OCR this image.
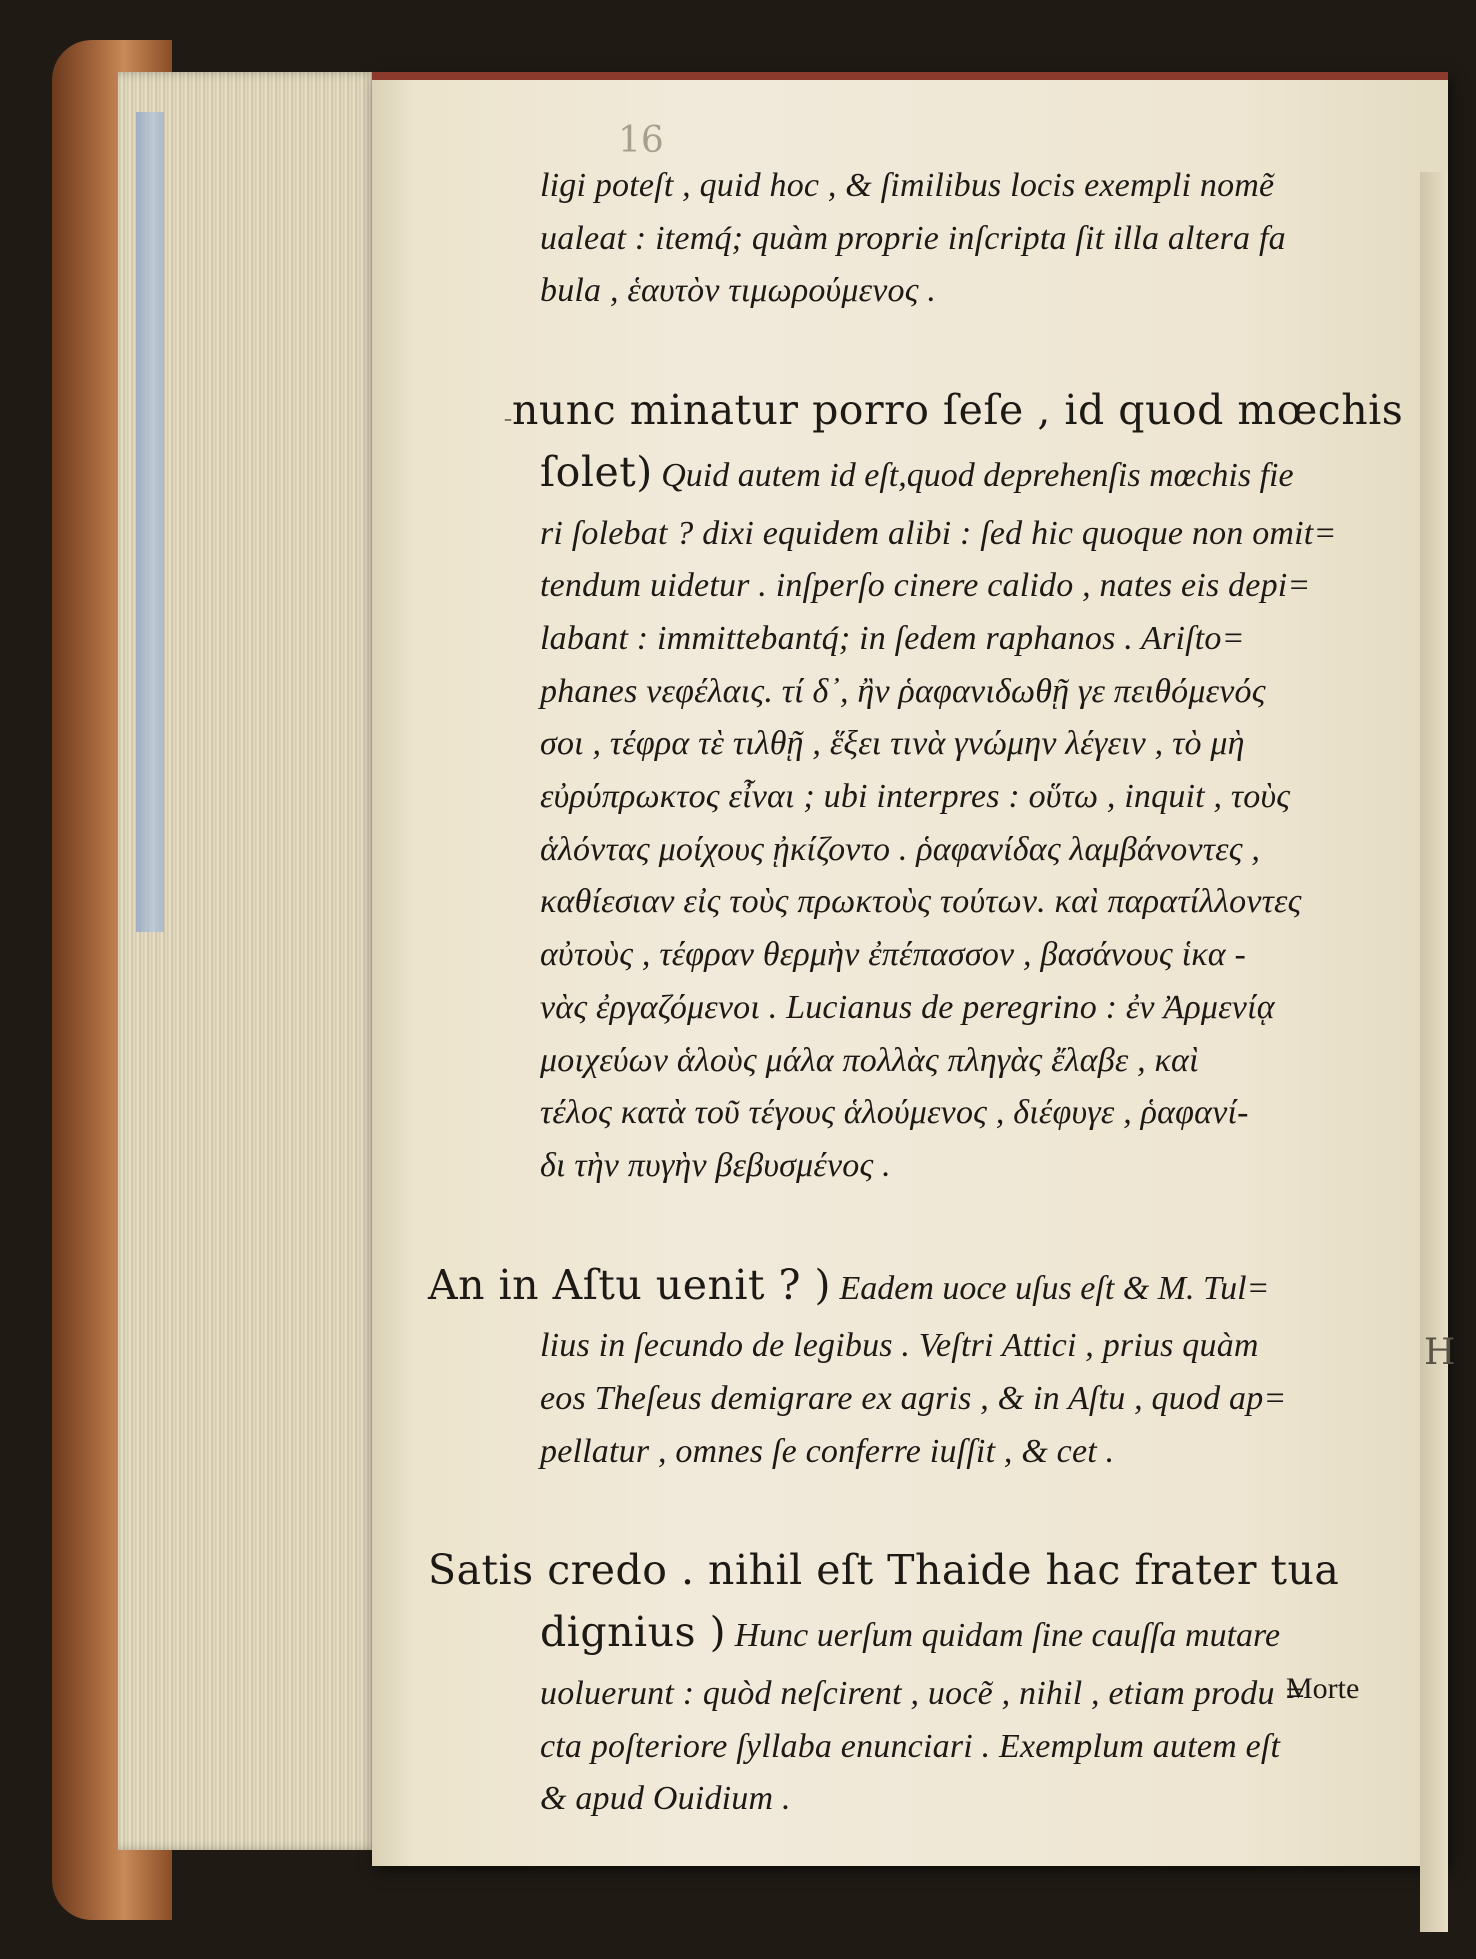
H
16
ligi poteſt , quid hoc , & ſimilibus locis exempli nomẽ
ualeat : itemq́; quàm proprie inſcripta ſit illa altera fa
bula , ἑαυτὸν τιμωρούμενος .
–nunc minatur porro ſeſe , id quod mœchis
ſolet) Quid autem id eſt,quod deprehenſis mœchis fie
ri ſolebat ? dixi equidem alibi : ſed hic quoque non omit=
tendum uidetur . inſperſo cinere calido , nates eis depi=
labant : immittebantq́; in ſedem raphanos . Ariſto=
phanes νεφέλαις. τί δ᾽, ἢν ῥαφανιδωθῇ γε πειθόμενός
σοι , τέφρα τὲ τιλθῇ , ἕξει τινὰ γνώμην λέγειν , τὸ μὴ
εὐρύπρωκτος εἶναι ; ubi interpres : οὕτω , inquit , τοὺς
ἁλόντας μοίχους ᾐκίζοντο . ῥαφανίδας λαμβάνοντες ,
καθίεσιαν εἰς τοὺς πρωκτοὺς τούτων. καὶ παρατίλλοντες
αὐτοὺς , τέφραν θερμὴν ἐπέπασσον , βασάνους ἱκα -
νὰς ἐργαζόμενοι . Lucianus de peregrino : ἐν Ἀρμενίᾳ
μοιχεύων ἁλοὺς μάλα πολλὰς πληγὰς ἔλαβε , καὶ
τέλος κατὰ τοῦ τέγους ἁλούμενος , διέφυγε , ῥαφανί-
δι τὴν πυγὴν βεβυσμένος .
An in Aſtu uenit ? ) Eadem uoce uſus eſt & M. Tul=
lius in ſecundo de legibus . Veſtri Attici , prius quàm
eos Theſeus demigrare ex agris , & in Aſtu , quod ap=
pellatur , omnes ſe conferre iuſſit , & cet .
Satis credo . nihil eſt Thaide hac frater tua
dignius ) Hunc uerſum quidam ſine cauſſa mutare
uoluerunt : quòd neſcirent , uocẽ , nihil , etiam produ =
cta poſteriore ſyllaba enunciari . Exemplum autem eſt
& apud Ouidium .
Morte
